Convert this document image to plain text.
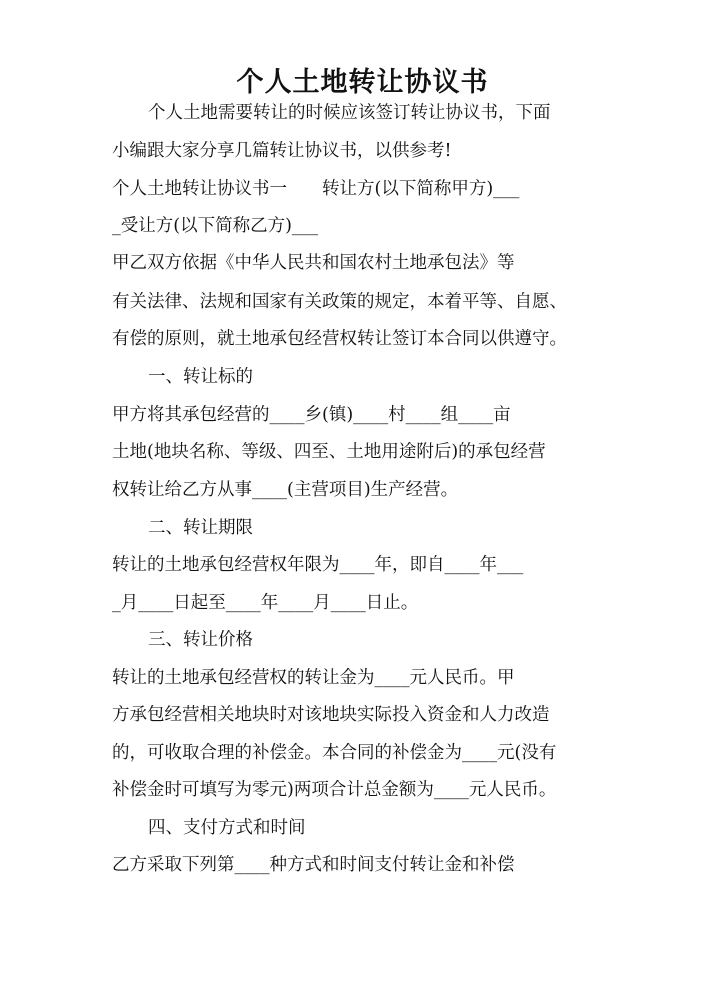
个人土地转让协议书
个人土地需要转让的时候应该签订转让协议书，下面
小编跟大家分享几篇转让协议书，以供参考!
个人土地转让协议书一　　转让方(以下简称甲方)___
_受让方(以下简称乙方)___
甲乙双方依据《中华人民共和国农村土地承包法》等
有关法律、法规和国家有关政策的规定，本着平等、自愿、
有偿的原则，就土地承包经营权转让签订本合同以供遵守。
一、转让标的
甲方将其承包经营的____乡(镇)____村____组____亩
土地(地块名称、等级、四至、土地用途附后)的承包经营
权转让给乙方从事____(主营项目)生产经营。
二、转让期限
转让的土地承包经营权年限为____年，即自____年___
_月____日起至____年____月____日止。
三、转让价格
转让的土地承包经营权的转让金为____元人民币。甲
方承包经营相关地块时对该地块实际投入资金和人力改造
的，可收取合理的补偿金。本合同的补偿金为____元(没有
补偿金时可填写为零元)两项合计总金额为____元人民币。
四、支付方式和时间
乙方采取下列第____种方式和时间支付转让金和补偿
